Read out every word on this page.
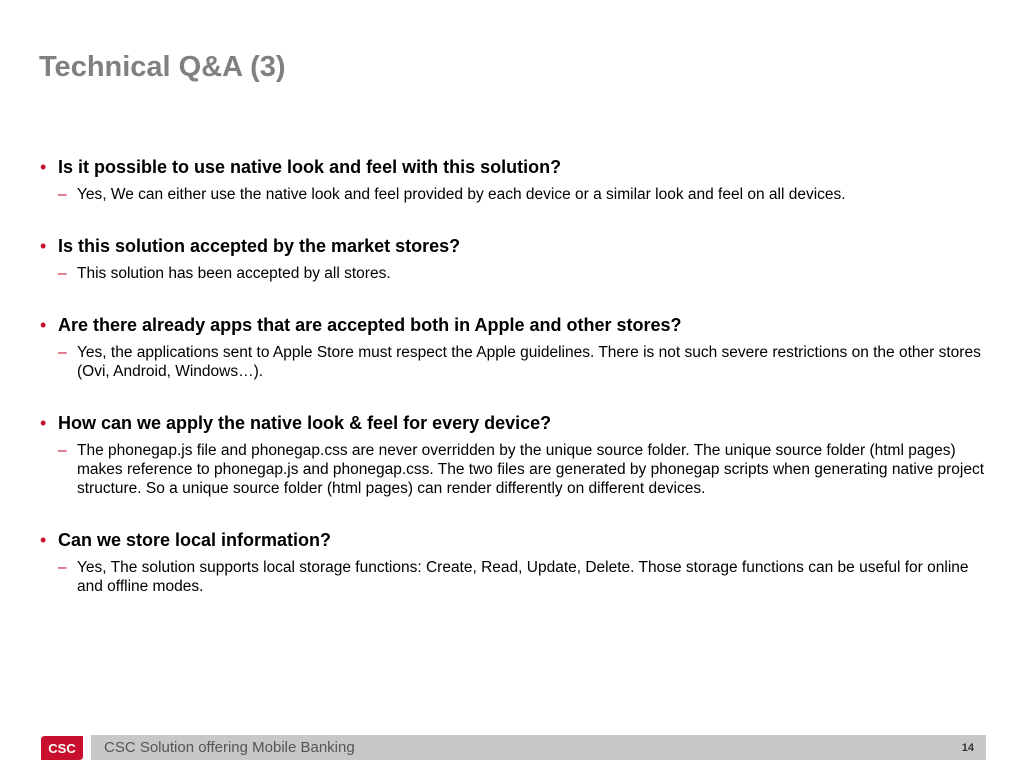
Technical Q&A (3)
• Is it possible to use native look and feel with this solution?
– Yes, We can either use the native look and feel provided by each device or a similar look and feel on all devices.
• Is this solution accepted by the market stores?
– This solution has been accepted by all stores.
• Are there already apps that are accepted both in Apple and other stores?
– Yes, the applications sent to Apple Store must respect the Apple guidelines. There is not such severe restrictions on the other stores (Ovi, Android, Windows…).
• How can we apply the native look & feel for every device?
– The phonegap.js file and phonegap.css are never overridden by the unique source folder. The unique source folder (html pages) makes reference to phonegap.js and phonegap.css. The two files are generated by phonegap scripts when generating native project structure. So a unique source folder (html pages) can render differently on different devices.
• Can we store local information?
– Yes, The solution supports local storage functions: Create, Read, Update, Delete. Those storage functions can be useful for online and offline modes.
CSC CSC Solution offering Mobile Banking	14
